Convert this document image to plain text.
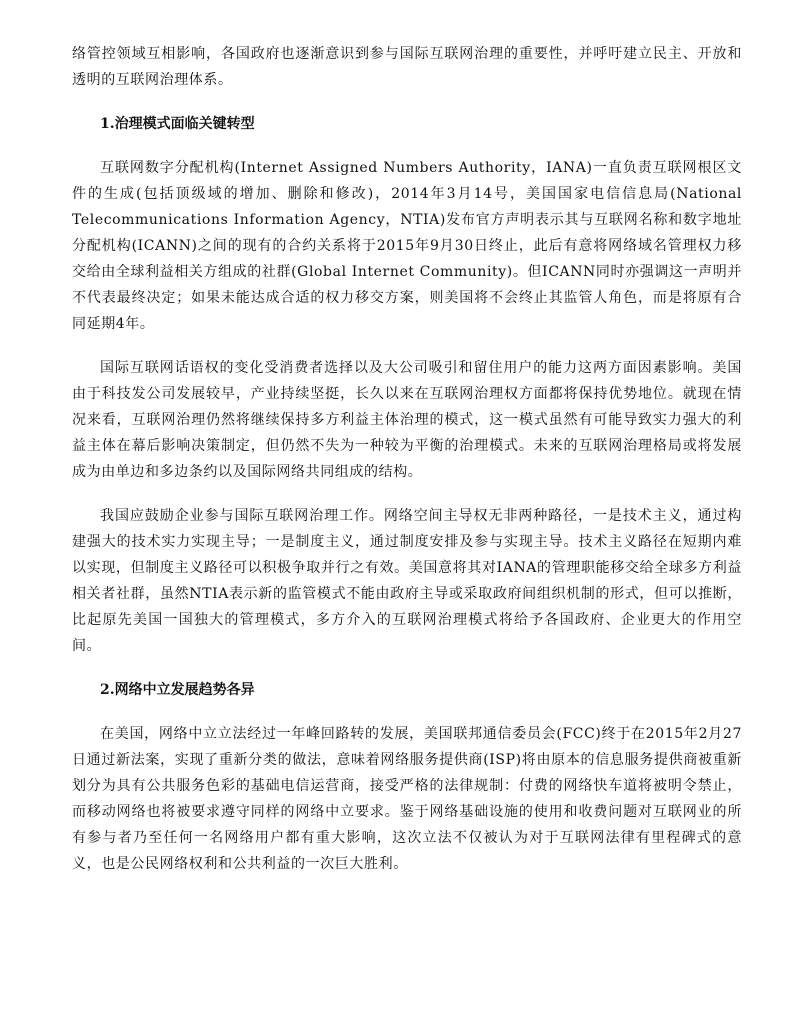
络管控领域互相影响，各国政府也逐渐意识到参与国际互联网治理的重要性，并呼吁建立民主、开放和透明的互联网治理体系。

1.治理模式面临关键转型

互联网数字分配机构(Internet Assigned Numbers Authority，IANA)一直负责互联网根区文件的生成(包括顶级域的增加、删除和修改)，2014年3月14号，美国国家电信信息局(National Telecommunications Information Agency，NTIA)发布官方声明表示其与互联网名称和数字地址分配机构(ICANN)之间的现有的合约关系将于2015年9月30日终止，此后有意将网络域名管理权力移交给由全球利益相关方组成的社群(Global Internet Community)。但ICANN同时亦强调这一声明并不代表最终决定；如果未能达成合适的权力移交方案，则美国将不会终止其监管人角色，而是将原有合同延期4年。

国际互联网话语权的变化受消费者选择以及大公司吸引和留住用户的能力这两方面因素影响。美国由于科技发公司发展较早，产业持续坚挺，长久以来在互联网治理权方面都将保持优势地位。就现在情况来看，互联网治理仍然将继续保持多方利益主体治理的模式，这一模式虽然有可能导致实力强大的利益主体在幕后影响决策制定，但仍然不失为一种较为平衡的治理模式。未来的互联网治理格局或将发展成为由单边和多边条约以及国际网络共同组成的结构。

我国应鼓励企业参与国际互联网治理工作。网络空间主导权无非两种路径，一是技术主义，通过构建强大的技术实力实现主导；一是制度主义，通过制度安排及参与实现主导。技术主义路径在短期内难以实现，但制度主义路径可以积极争取并行之有效。美国意将其对IANA的管理职能移交给全球多方利益相关者社群，虽然NTIA表示新的监管模式不能由政府主导或采取政府间组织机制的形式，但可以推断，比起原先美国一国独大的管理模式，多方介入的互联网治理模式将给予各国政府、企业更大的作用空间。

2.网络中立发展趋势各异

在美国，网络中立立法经过一年峰回路转的发展，美国联邦通信委员会(FCC)终于在2015年2月27日通过新法案，实现了重新分类的做法，意味着网络服务提供商(ISP)将由原本的信息服务提供商被重新划分为具有公共服务色彩的基础电信运营商，接受严格的法律规制：付费的网络快车道将被明令禁止，而移动网络也将被要求遵守同样的网络中立要求。鉴于网络基础设施的使用和收费问题对互联网业的所有参与者乃至任何一名网络用户都有重大影响，这次立法不仅被认为对于互联网法律有里程碑式的意义，也是公民网络权利和公共利益的一次巨大胜利。
